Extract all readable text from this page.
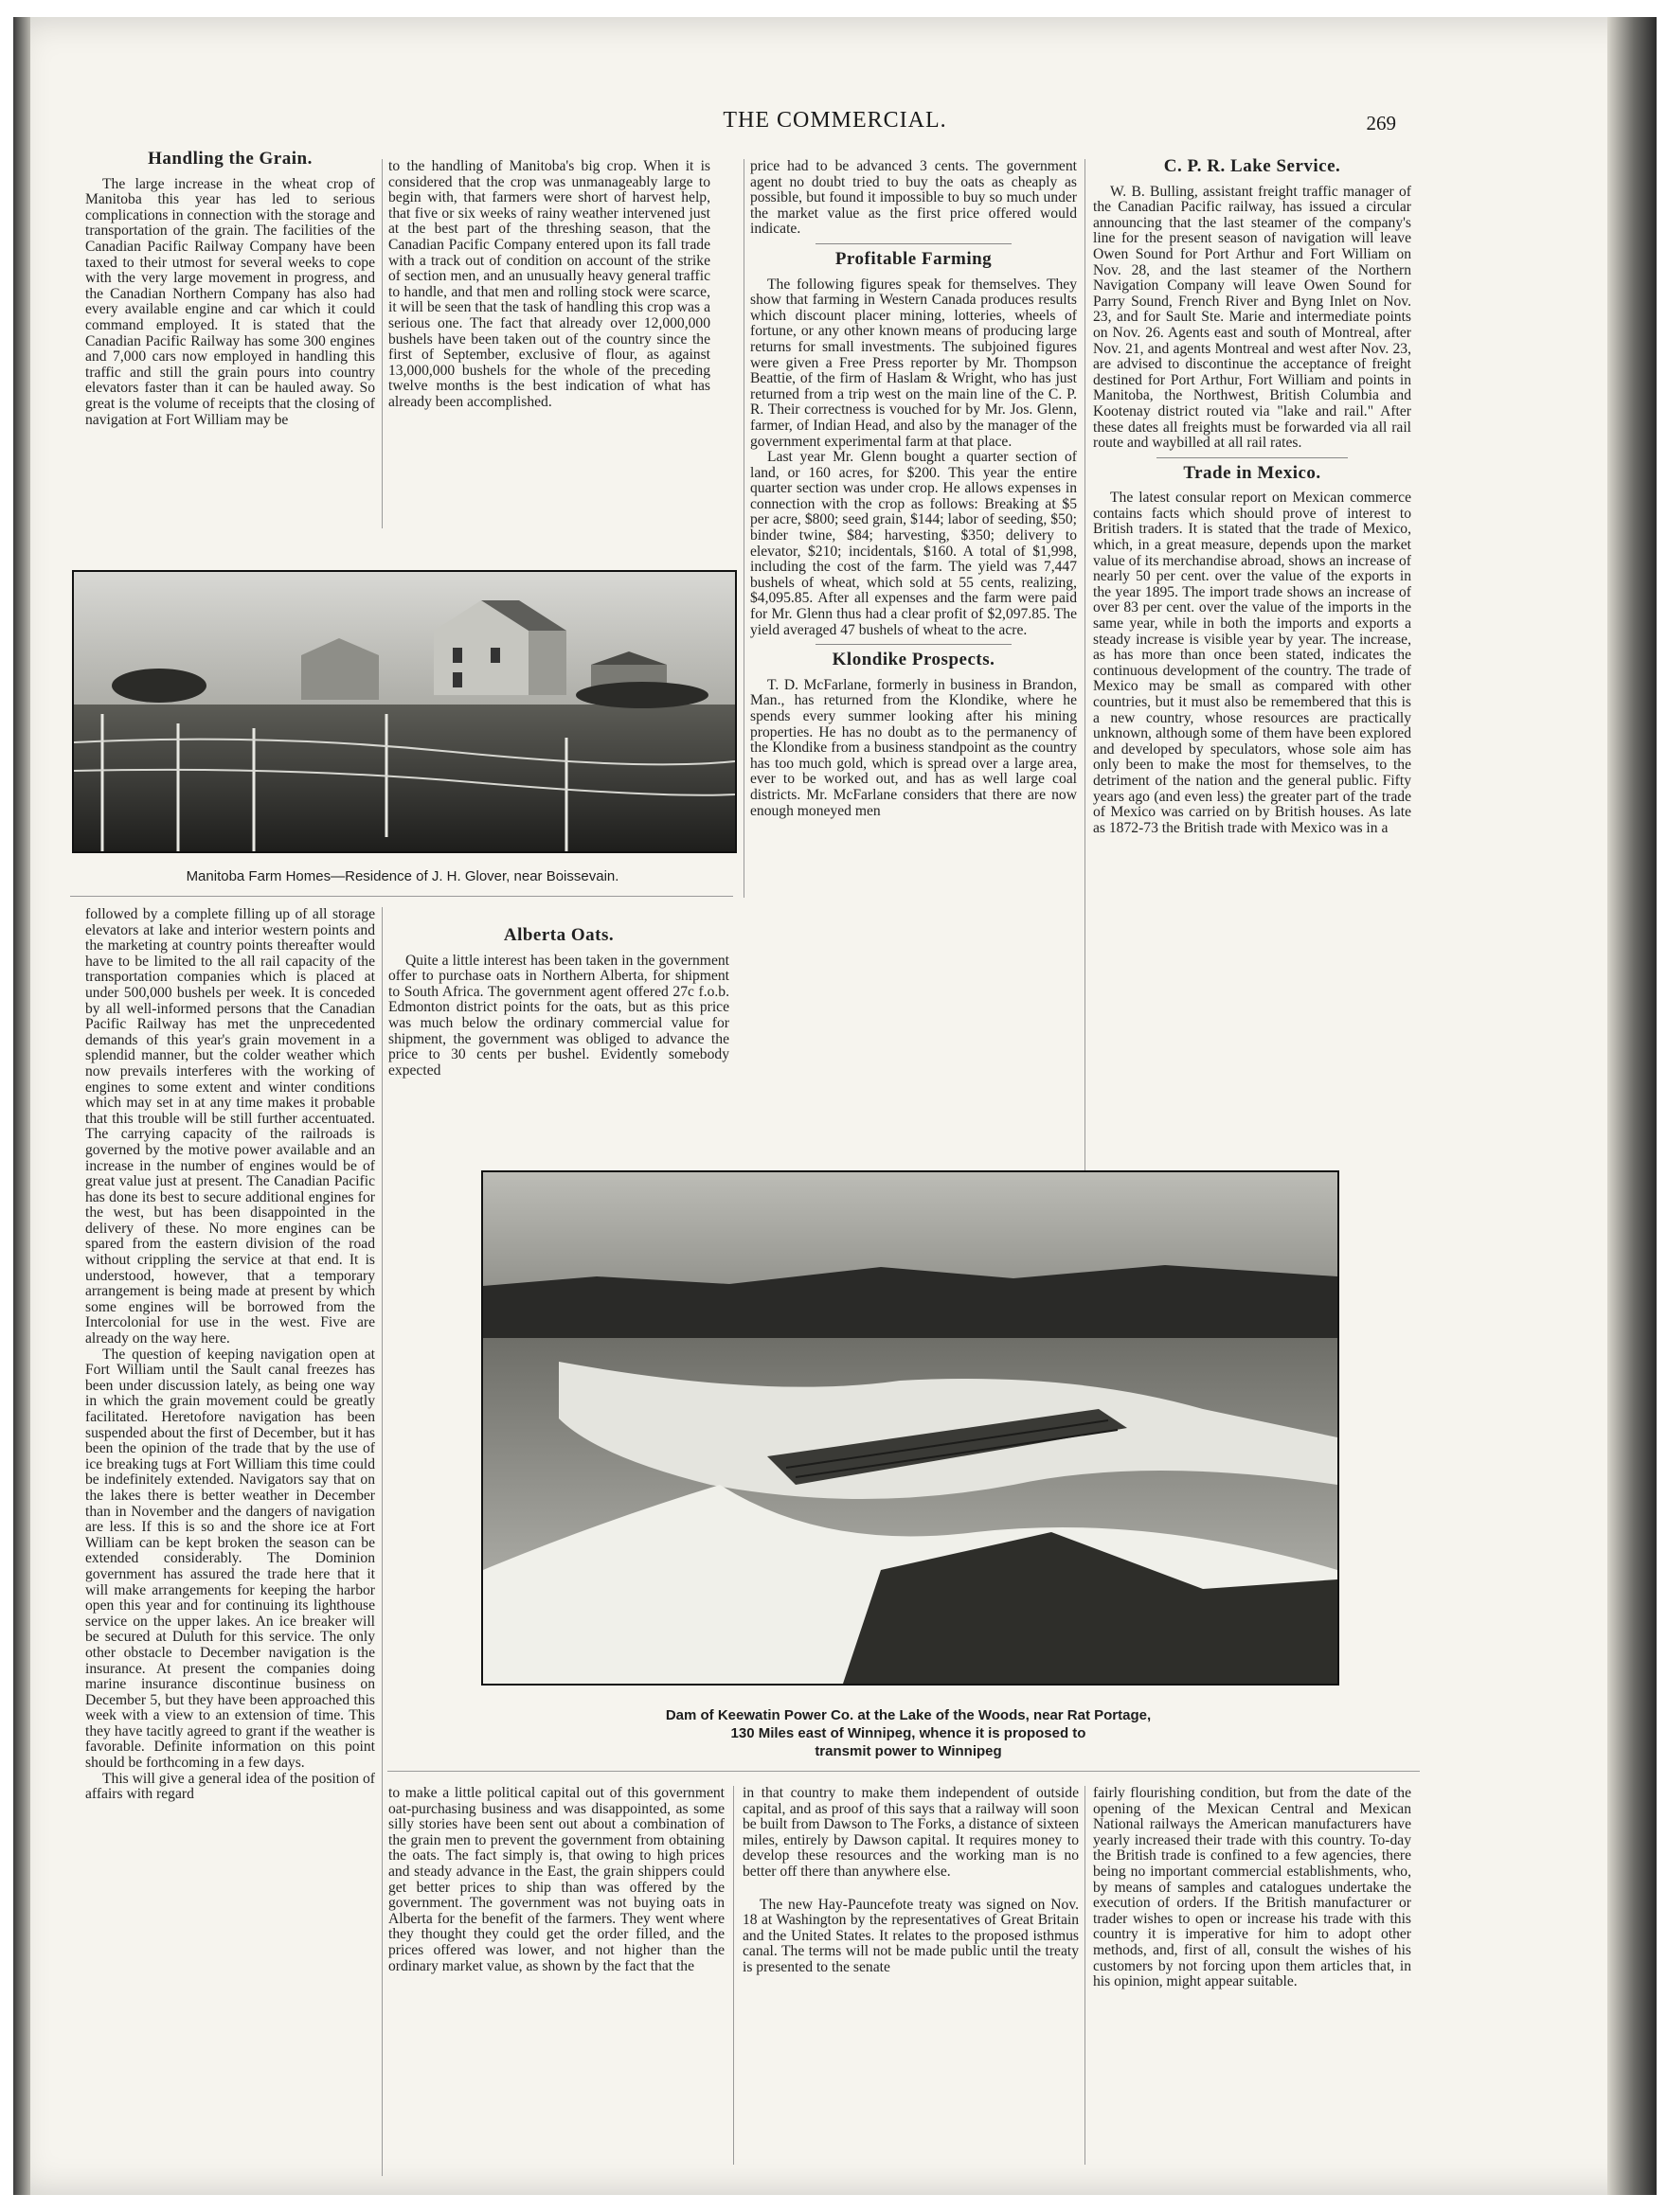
THE COMMERCIAL.	269
Handling the Grain.

The large increase in the wheat crop of Manitoba this year has led to serious complications in connection with the storage and transportation of the grain. The facilities of the Canadian Pacific Railway Company have been taxed to their utmost for several weeks to cope with the very large movement in progress, and the Canadian Northern Company has also had every available engine and car which it could command employed. It is stated that the Canadian Pacific Railway has some 300 engines and 7,000 cars now employed in handling this traffic and still the grain pours into country elevators faster than it can be hauled away. So great is the volume of receipts that the closing of navigation at Fort William may be

to the handling of Manitoba's big crop. When it is considered that the crop was unmanageably large to begin with, that farmers were short of harvest help, that five or six weeks of rainy weather intervened just at the best part of the threshing season, that the Canadian Pacific Company entered upon its fall trade with a track out of condition on account of the strike of section men, and an unusually heavy general traffic to handle, and that men and rolling stock were scarce, it will be seen that the task of handling this crop was a serious one. The fact that already over 12,000,000 bushels have been taken out of the country since the first of September, exclusive of flour, as against 13,000,000 bushels for the whole of the preceding twelve months is the best indication of what has already been accomplished.

price had to be advanced 3 cents. The government agent no doubt tried to buy the oats as cheaply as possible, but found it impossible to buy so much under the market value as the first price offered would indicate.

Profitable Farming

The following figures speak for themselves. They show that farming in Western Canada produces results which discount placer mining, lotteries, wheels of fortune, or any other known means of producing large returns for small investments. The subjoined figures were given a Free Press reporter by Mr. Thompson Beattie, of the firm of Haslam & Wright, who has just returned from a trip west on the main line of the C. P. R. Their correctness is vouched for by Mr. Jos. Glenn, farmer, of Indian Head, and also by the manager of the government experimental farm at that place.

Last year Mr. Glenn bought a quarter section of land, or 160 acres, for $200. This year the entire quarter section was under crop. He allows expenses in connection with the crop as follows: Breaking at $5 per acre, $800; seed grain, $144; labor of seeding, $50; binder twine, $84; harvesting, $350; delivery to elevator, $210; incidentals, $160. A total of $1,998, including the cost of the farm. The yield was 7,447 bushels of wheat, which sold at 55 cents, realizing, $4,095.85. After all expenses and the farm were paid for Mr. Glenn thus had a clear profit of $2,097.85. The yield averaged 47 bushels of wheat to the acre.

Klondike Prospects.

T. D. McFarlane, formerly in business in Brandon, Man., has returned from the Klondike, where he spends every summer looking after his mining properties. He has no doubt as to the permanency of the Klondike from a business standpoint as the country has too much gold, which is spread over a large area, ever to be worked out, and has as well large coal districts. Mr. McFarlane considers that there are now enough moneyed men

C. P. R. Lake Service.

W. B. Bulling, assistant freight traffic manager of the Canadian Pacific railway, has issued a circular announcing that the last steamer of the company's line for the present season of navigation will leave Owen Sound for Port Arthur and Fort William on Nov. 28, and the last steamer of the Northern Navigation Company will leave Owen Sound for Parry Sound, French River and Byng Inlet on Nov. 23, and for Sault Ste. Marie and intermediate points on Nov. 26. Agents east and south of Montreal, after Nov. 21, and agents Montreal and west after Nov. 23, are advised to discontinue the acceptance of freight destined for Port Arthur, Fort William and points in Manitoba, the Northwest, British Columbia and Kootenay district routed via "lake and rail." After these dates all freights must be forwarded via all rail route and waybilled at all rail rates.

Trade in Mexico.

The latest consular report on Mexican commerce contains facts which should prove of interest to British traders. It is stated that the trade of Mexico, which, in a great measure, depends upon the market value of its merchandise abroad, shows an increase of nearly 50 per cent. over the value of the exports in the year 1895. The import trade shows an increase of over 83 per cent. over the value of the imports in the same year, while in both the imports and exports a steady increase is visible year by year. The increase, as has more than once been stated, indicates the continuous development of the country. The trade of Mexico may be small as compared with other countries, but it must also be remembered that this is a new country, whose resources are practically unknown, although some of them have been explored and developed by speculators, whose sole aim has only been to make the most for themselves, to the detriment of the nation and the general public. Fifty years ago (and even less) the greater part of the trade of Mexico was carried on by British houses. As late as 1872-73 the British trade with Mexico was in a

Manitoba Farm Homes—Residence of J. H. Glover, near Boissevain.

followed by a complete filling up of all storage elevators at lake and interior western points and the marketing at country points thereafter would have to be limited to the all rail capacity of the transportation companies which is placed at under 500,000 bushels per week. It is conceded by all well-informed persons that the Canadian Pacific Railway has met the unprecedented demands of this year's grain movement in a splendid manner, but the colder weather which now prevails interferes with the working of engines to some extent and winter conditions which may set in at any time makes it probable that this trouble will be still further accentuated. The carrying capacity of the railroads is governed by the motive power available and an increase in the number of engines would be of great value just at present. The Canadian Pacific has done its best to secure additional engines for the west, but has been disappointed in the delivery of these. No more engines can be spared from the eastern division of the road without crippling the service at that end. It is understood, however, that a temporary arrangement is being made at present by which some engines will be borrowed from the Intercolonial for use in the west. Five are already on the way here.

The question of keeping navigation open at Fort William until the Sault canal freezes has been under discussion lately, as being one way in which the grain movement could be greatly facilitated. Heretofore navigation has been suspended about the first of December, but it has been the opinion of the trade that by the use of ice breaking tugs at Fort William this time could be indefinitely extended. Navigators say that on the lakes there is better weather in December than in November and the dangers of navigation are less. If this is so and the shore ice at Fort William can be kept broken the season can be extended considerably. The Dominion government has assured the trade here that it will make arrangements for keeping the harbor open this year and for continuing its lighthouse service on the upper lakes. An ice breaker will be secured at Duluth for this service. The only other obstacle to December navigation is the insurance. At present the companies doing marine insurance discontinue business on December 5, but they have been approached this week with a view to an extension of time. This they have tacitly agreed to grant if the weather is favorable. Definite information on this point should be forthcoming in a few days.

This will give a general idea of the position of affairs with regard

Alberta Oats.

Quite a little interest has been taken in the government offer to purchase oats in Northern Alberta, for shipment to South Africa. The government agent offered 27c f.o.b. Edmonton district points for the oats, but as this price was much below the ordinary commercial value for shipment, the government was obliged to advance the price to 30 cents per bushel. Evidently somebody expected

DAM ON WINNIPEG RIVER
Dam of Keewatin Power Co. at the Lake of the Woods, near Rat Portage,
130 Miles east of Winnipeg, whence it is proposed to
transmit power to Winnipeg

to make a little political capital out of this government oat-purchasing business and was disappointed, as some silly stories have been sent out about a combination of the grain men to prevent the government from obtaining the oats. The fact simply is, that owing to high prices and steady advance in the East, the grain shippers could get better prices to ship than was offered by the government. The government was not buying oats in Alberta for the benefit of the farmers. They went where they thought they could get the order filled, and the prices offered was lower, and not higher than the ordinary market value, as shown by the fact that the

in that country to make them independent of outside capital, and as proof of this says that a railway will soon be built from Dawson to The Forks, a distance of sixteen miles, entirely by Dawson capital. It requires money to develop these resources and the working man is no better off there than anywhere else.

The new Hay-Pauncefote treaty was signed on Nov. 18 at Washington by the representatives of Great Britain and the United States. It relates to the proposed isthmus canal. The terms will not be made public until the treaty is presented to the senate

fairly flourishing condition, but from the date of the opening of the Mexican Central and Mexican National railways the American manufacturers have yearly increased their trade with this country. To-day the British trade is confined to a few agencies, there being no important commercial establishments, who, by means of samples and catalogues undertake the execution of orders. If the British manufacturer or trader wishes to open or increase his trade with this country it is imperative for him to adopt other methods, and, first of all, consult the wishes of his customers by not forcing upon them articles that, in his opinion, might appear suitable.
